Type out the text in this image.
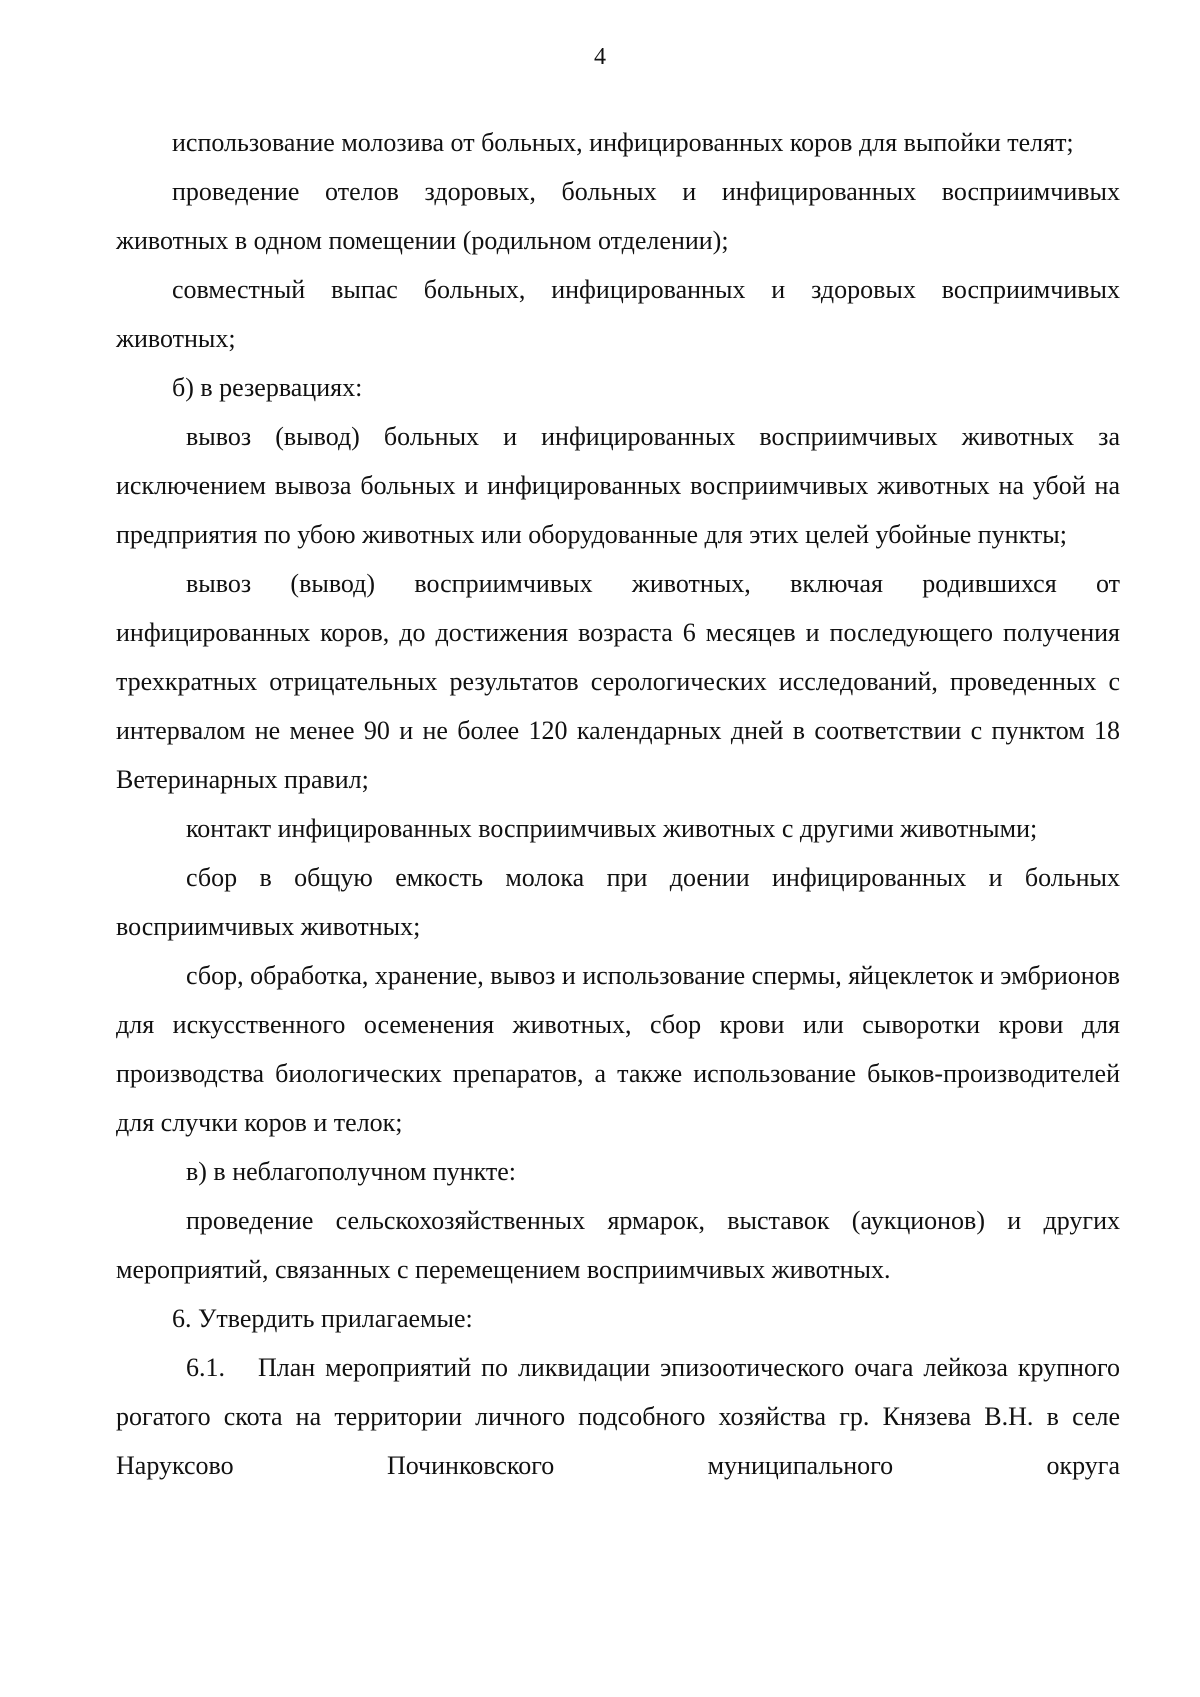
4

использование молозива от больных, инфицированных коров для выпойки телят;

проведение отелов здоровых, больных и инфицированных восприимчивых животных в одном помещении (родильном отделении);

совместный выпас больных, инфицированных и здоровых восприимчивых животных;

б) в резервациях:

вывоз (вывод) больных и инфицированных восприимчивых животных за исключением вывоза больных и инфицированных восприимчивых животных на убой на предприятия по убою животных или оборудованные для этих целей убойные пункты;

вывоз (вывод) восприимчивых животных, включая родившихся от инфицированных коров, до достижения возраста 6 месяцев и последующего получения трехкратных отрицательных результатов серологических исследований, проведенных с интервалом не менее 90 и не более 120 календарных дней в соответствии с пунктом 18 Ветеринарных правил;

контакт инфицированных восприимчивых животных с другими животными;

сбор в общую емкость молока при доении инфицированных и больных восприимчивых животных;

сбор, обработка, хранение, вывоз и использование спермы, яйцеклеток и эмбрионов для искусственного осеменения животных, сбор крови или сыворотки крови для производства биологических препаратов, а также использование быков-производителей для случки коров и телок;

в) в неблагополучном пункте:

проведение сельскохозяйственных ярмарок, выставок (аукционов) и других мероприятий, связанных с перемещением восприимчивых животных.

6. Утвердить прилагаемые:

6.1. План мероприятий по ликвидации эпизоотического очага лейкоза крупного рогатого скота на территории личного подсобного хозяйства гр. Князева В.Н. в селе Наруксово Починковского муниципального округа
